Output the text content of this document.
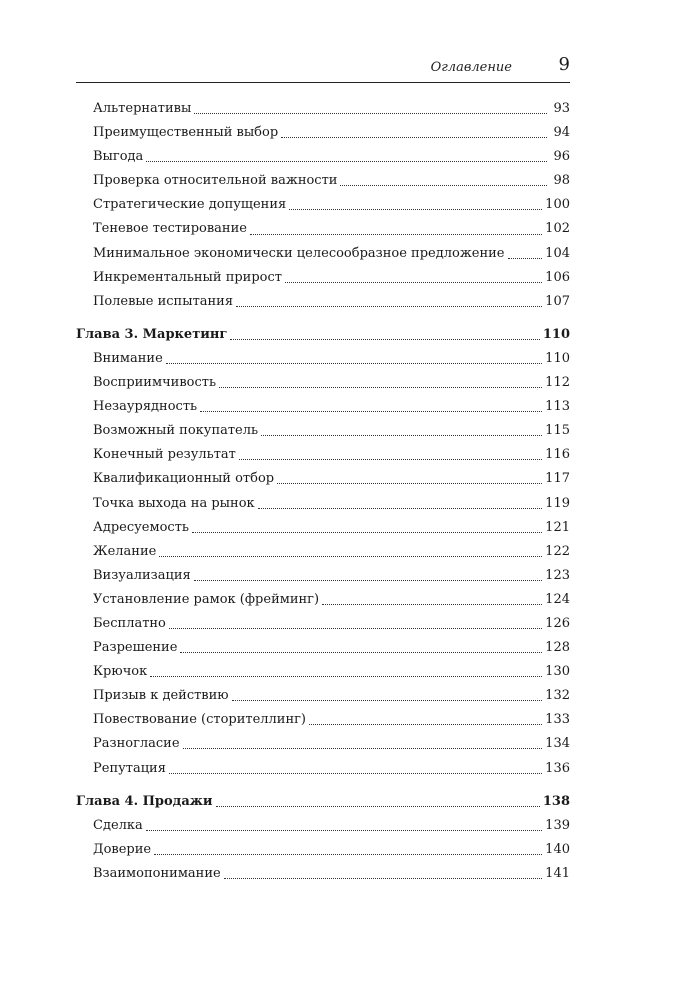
Оглавление	9
Альтернативы	93
Преимущественный выбор	94
Выгода	96
Проверка относительной важности	98
Стратегические допущения	100
Теневое тестирование	102
Минимальное экономически целесообразное предложение	104
Инкрементальный прирост	106
Полевые испытания	107
Глава 3. Маркетинг	110
Внимание	110
Восприимчивость	112
Незаурядность	113
Возможный покупатель	115
Конечный результат	116
Квалификационный отбор	117
Точка выхода на рынок	119
Адресуемость	121
Желание	122
Визуализация	123
Установление рамок (фрейминг)	124
Бесплатно	126
Разрешение	128
Крючок	130
Призыв к действию	132
Повествование (сторителлинг)	133
Разногласие	134
Репутация	136
Глава 4. Продажи	138
Сделка	139
Доверие	140
Взаимопонимание	141
